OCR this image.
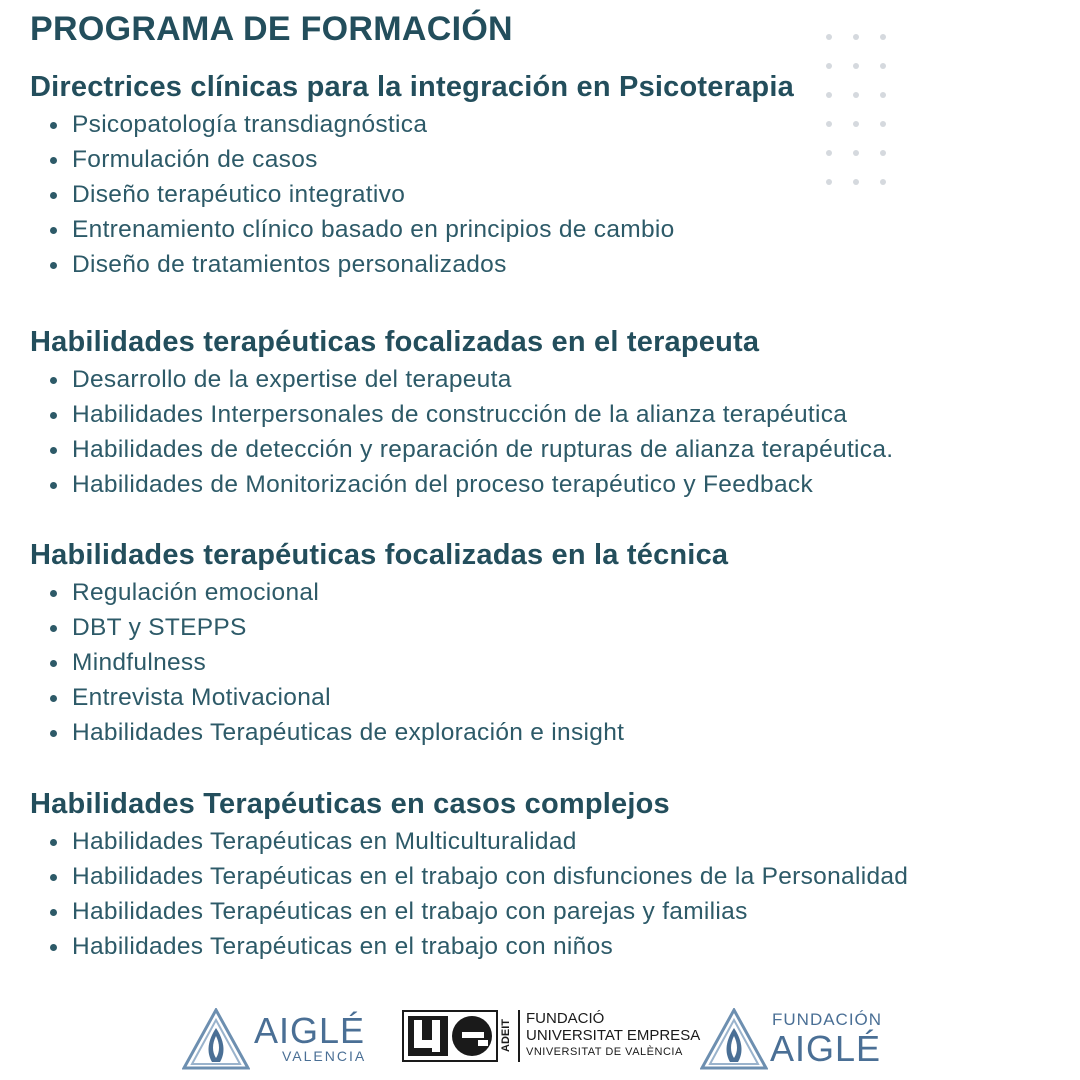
PROGRAMA DE FORMACIÓN
Directrices clínicas para la integración en Psicoterapia
Psicopatología transdiagnóstica
Formulación de casos
Diseño terapéutico integrativo
Entrenamiento clínico basado en principios de cambio
Diseño de tratamientos personalizados
Habilidades terapéuticas focalizadas en el terapeuta
Desarrollo de la expertise del terapeuta
Habilidades Interpersonales de construcción de la alianza terapéutica
Habilidades de detección y reparación de rupturas de alianza terapéutica.
Habilidades de Monitorización del proceso terapéutico y Feedback
Habilidades terapéuticas focalizadas en la técnica
Regulación emocional
DBT y STEPPS
Mindfulness
Entrevista Motivacional
Habilidades Terapéuticas de exploración e insight
Habilidades Terapéuticas en casos complejos
Habilidades Terapéuticas en Multiculturalidad
Habilidades Terapéuticas en el trabajo con disfunciones de la Personalidad
Habilidades Terapéuticas en el trabajo con parejas y familias
Habilidades Terapéuticas en el trabajo con niños
AIGLÉ
VALENCIA
ADEIT
FUNDACIÓ
UNIVERSITAT EMPRESA
VNIVERSITAT DE VALÈNCIA
FUNDACIÓN
AIGLÉ
